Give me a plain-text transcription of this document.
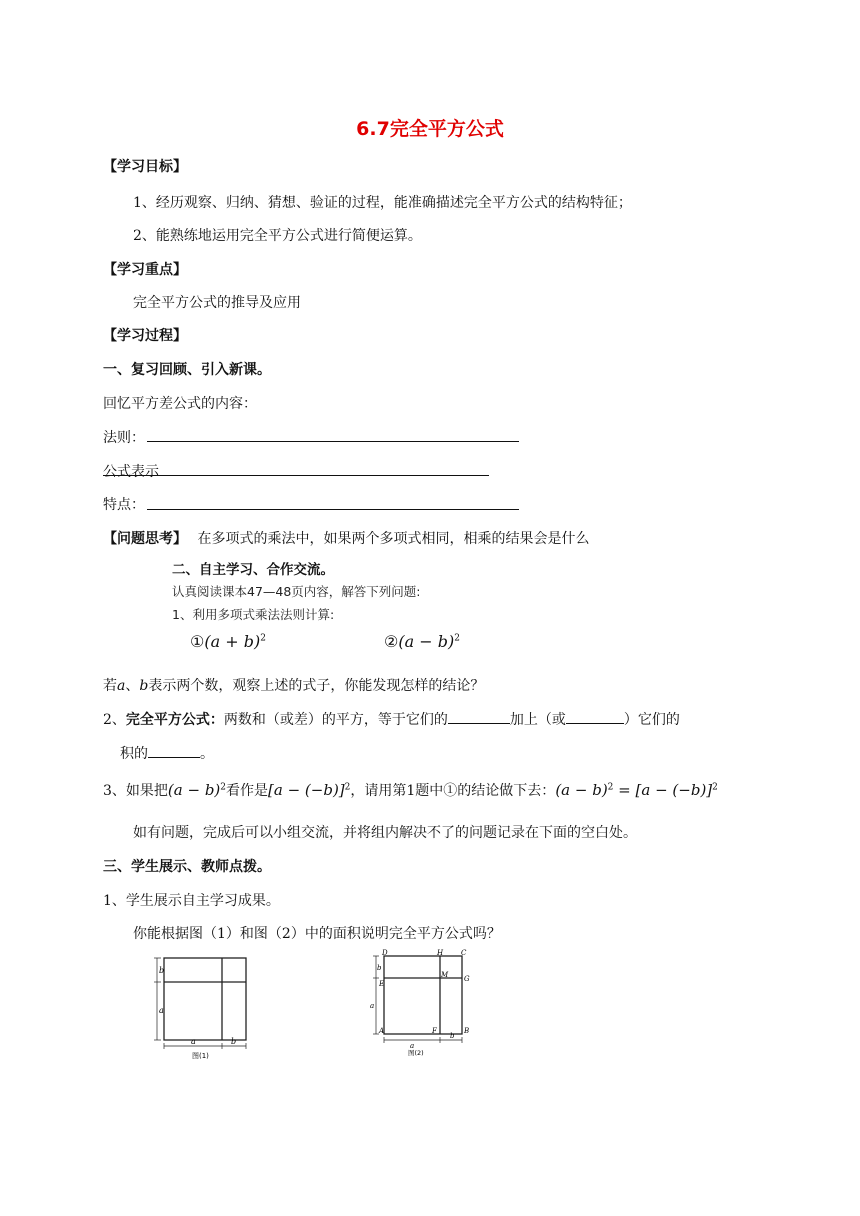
6.7完全平方公式
【学习目标】
1、经历观察、归纳、猜想、验证的过程，能准确描述完全平方公式的结构特征；
2、能熟练地运用完全平方公式进行简便运算。
【学习重点】
完全平方公式的推导及应用
【学习过程】
一、复习回顾、引入新课。
回忆平方差公式的内容：
法则：
公式表示
特点：
【问题思考】 在多项式的乘法中，如果两个多项式相同，相乘的结果会是什么
二、自主学习、合作交流。
认真阅读课本47—48页内容，解答下列问题:
1、利用多项式乘法法则计算:
①(a + b)$^2$	②(a − b)$^2$
若a、b表示两个数，观察上述的式子，你能发现怎样的结论？
2、完全平方公式：两数和（或差）的平方，等于它们的	加上（或	）它们的
积的	。
3、如果把$(a - b)^2$看作是$[a - (-b)]^2$，请用第1题中①的结论做下去：$(a - b)^2 = [a - (-b)]^2$
如有问题，完成后可以小组交流，并将组内解决不了的问题记录在下面的空白处。
三、学生展示、教师点拨。
1、学生展示自主学习成果。
你能根据图（1）和图（2）中的面积说明完全平方公式吗？
b
a
a	b
图(1)
b
a
D	H	C
M G
E
A	F	B
b
a
图(2)
